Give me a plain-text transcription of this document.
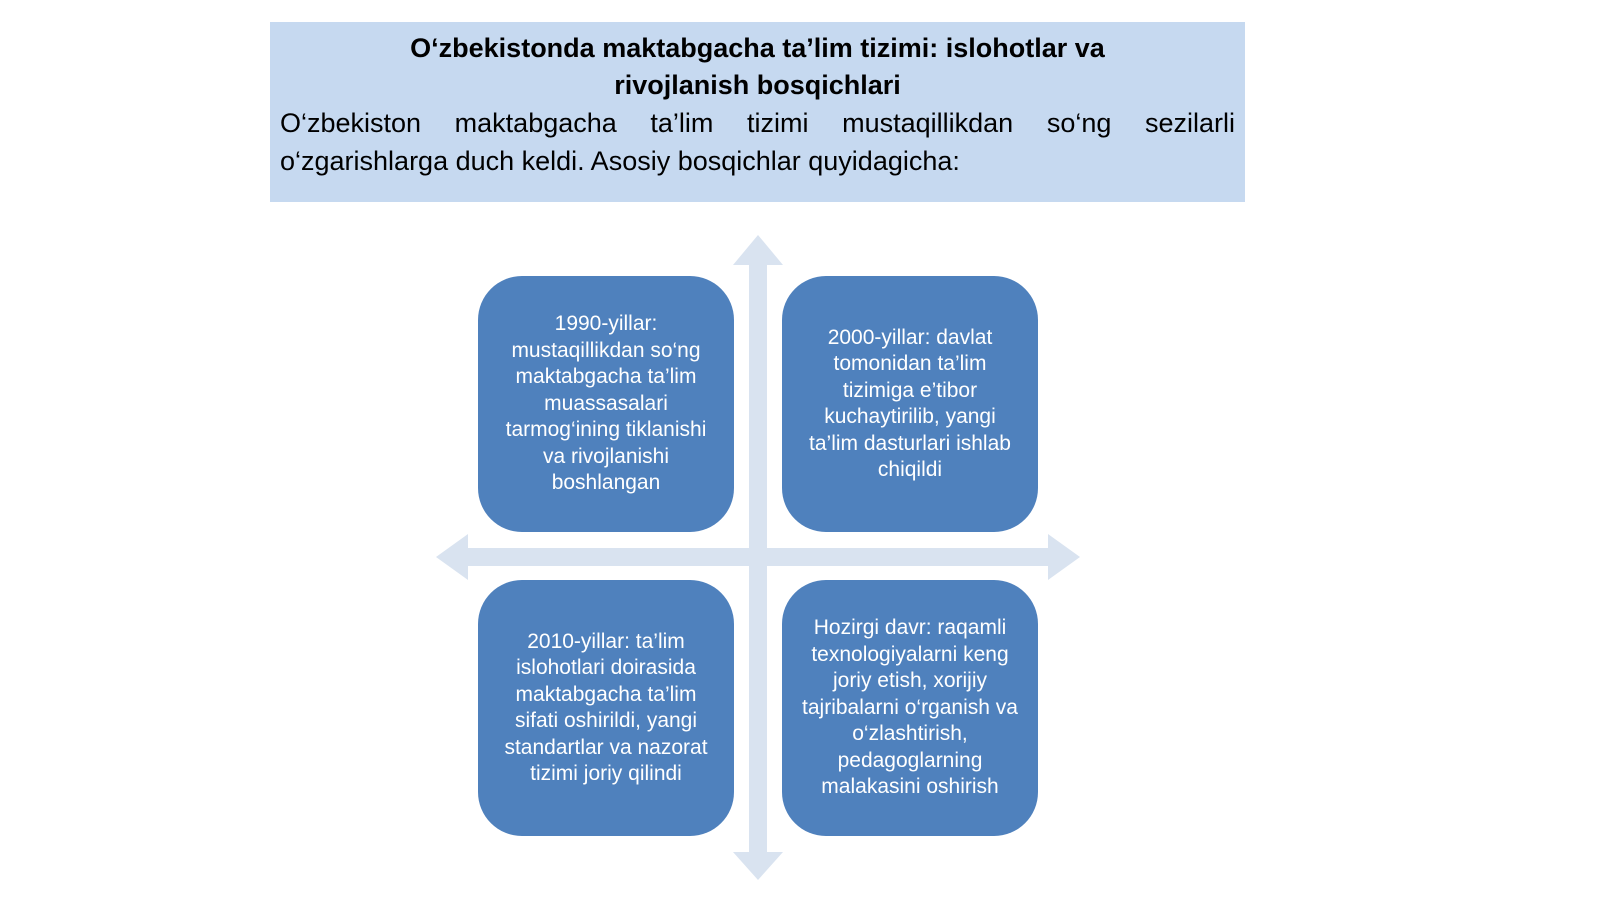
O‘zbekistonda maktabgacha ta’lim tizimi: islohotlar va rivojlanish bosqichlari

O‘zbekiston maktabgacha ta’lim tizimi mustaqillikdan so‘ng sezilarli o‘zgarishlarga duch keldi. Asosiy bosqichlar quyidagicha:

1990-yillar: mustaqillikdan so‘ng maktabgacha ta’lim muassasalari tarmog‘ining tiklanishi va rivojlanishi boshlangan
2000-yillar: davlat tomonidan ta’lim tizimiga e’tibor kuchaytirilib, yangi ta’lim dasturlari ishlab chiqildi
2010-yillar: ta’lim islohotlari doirasida maktabgacha ta’lim sifati oshirildi, yangi standartlar va nazorat tizimi joriy qilindi
Hozirgi davr: raqamli texnologiyalarni keng joriy etish, xorijiy tajribalarni o‘rganish va o‘zlashtirish, pedagoglarning malakasini oshirish
